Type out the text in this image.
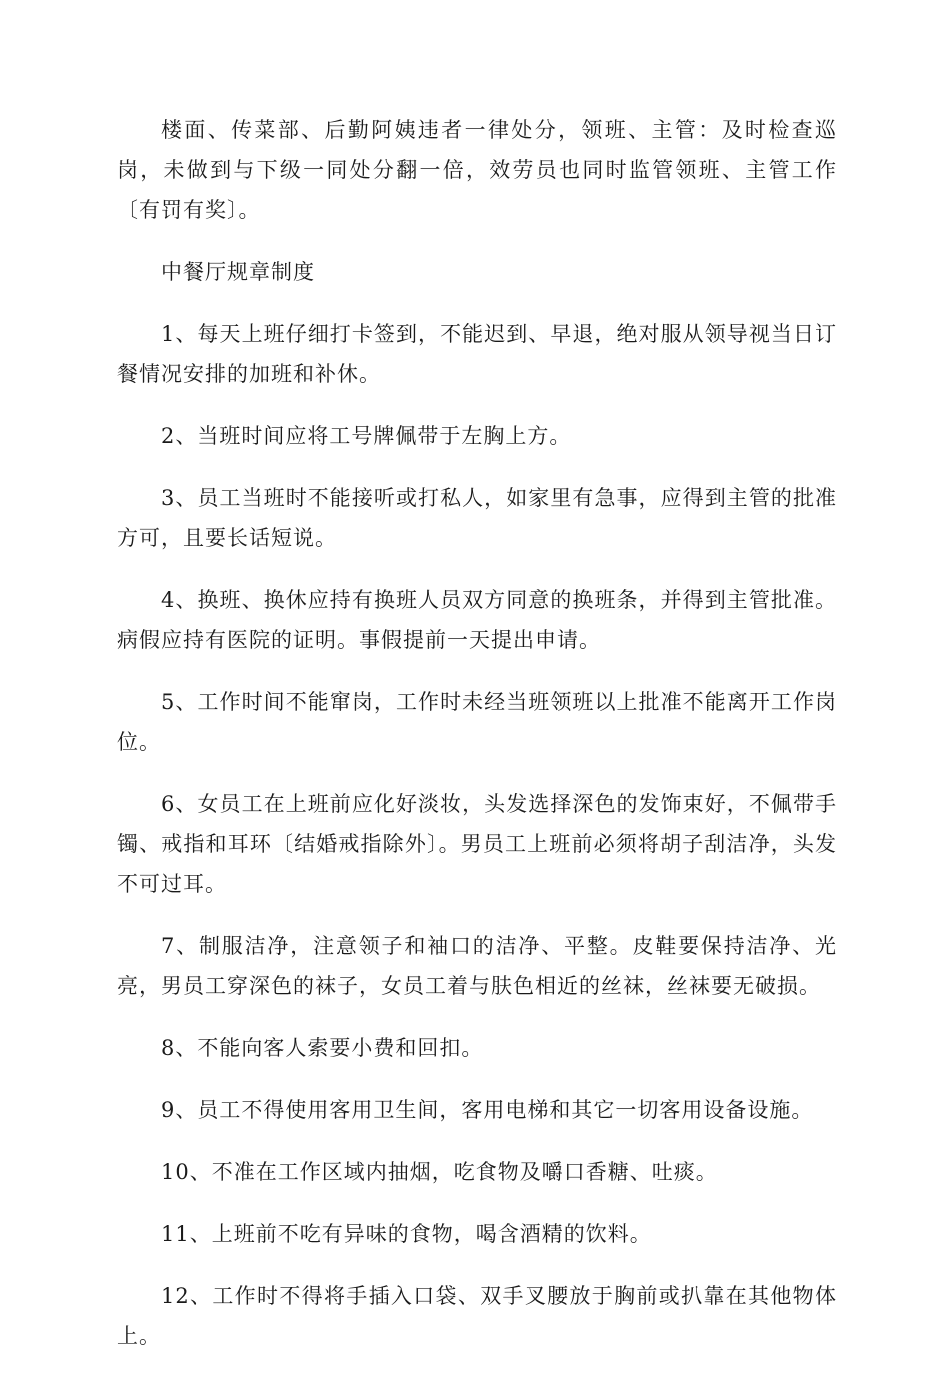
楼面、传菜部、后勤阿姨违者一律处分，领班、主管：及时检查巡岗，未做到与下级一同处分翻一倍，效劳员也同时监管领班、主管工作〔有罚有奖〕。

中餐厅规章制度

1、每天上班仔细打卡签到，不能迟到、早退，绝对服从领导视当日订餐情况安排的加班和补休。

2、当班时间应将工号牌佩带于左胸上方。

3、员工当班时不能接听或打私人，如家里有急事，应得到主管的批准方可，且要长话短说。

4、换班、换休应持有换班人员双方同意的换班条，并得到主管批准。病假应持有医院的证明。事假提前一天提出申请。

5、工作时间不能窜岗，工作时未经当班领班以上批准不能离开工作岗位。

6、女员工在上班前应化好淡妆，头发选择深色的发饰束好，不佩带手镯、戒指和耳环〔结婚戒指除外〕。男员工上班前必须将胡子刮洁净，头发不可过耳。

7、制服洁净，注意领子和袖口的洁净、平整。皮鞋要保持洁净、光亮，男员工穿深色的袜子，女员工着与肤色相近的丝袜，丝袜要无破损。

8、不能向客人索要小费和回扣。

9、员工不得使用客用卫生间，客用电梯和其它一切客用设备设施。

10、不准在工作区域内抽烟，吃食物及嚼口香糖、吐痰。

11、上班前不吃有异味的食物，喝含酒精的饮料。

12、工作时不得将手插入口袋、双手叉腰放于胸前或扒靠在其他物体上。
